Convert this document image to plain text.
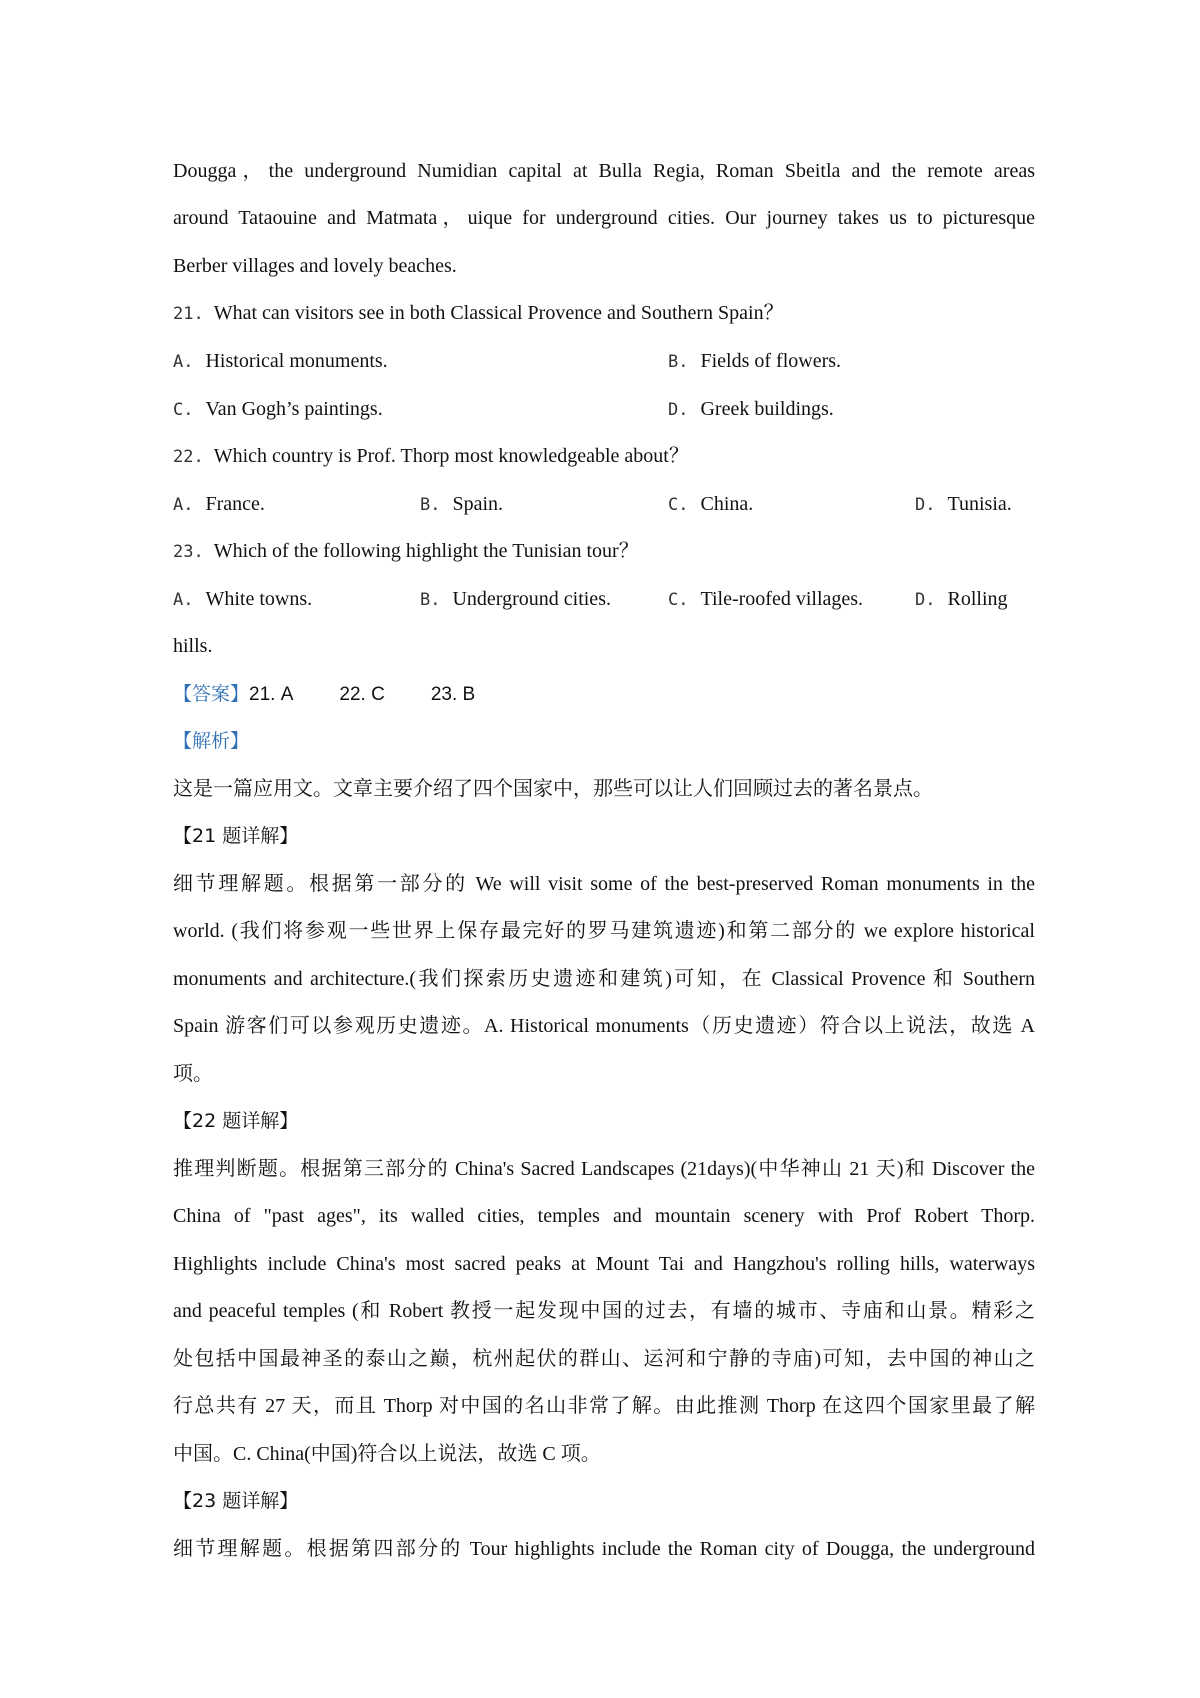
Dougga，the underground Numidian capital at Bulla Regia, Roman Sbeitla and the remote areas
around Tataouine and Matmata，uique for underground cities. Our journey takes us to picturesque
Berber villages and lovely beaches.
21. What can visitors see in both Classical Provence and Southern Spain？
A. Historical monuments.	B. Fields of flowers.
C. Van Gogh’s paintings.	D. Greek buildings.
22. Which country is Prof. Thorp most knowledgeable about？
A. France.	B. Spain.	C. China.	D. Tunisia.
23. Which of the following highlight the Tunisian tour？
A. White towns.	B. Underground cities.	C. Tile-roofed villages.	D. Rolling
hills.
【答案】21. A 22. C 23. B
【解析】
这是一篇应用文。文章主要介绍了四个国家中，那些可以让人们回顾过去的著名景点。
【21 题详解】
细节理解题。根据第一部分的 We will visit some of the best-preserved Roman monuments in the
world. (我们将参观一些世界上保存最完好的罗马建筑遗迹)和第二部分的 we explore historical
monuments and architecture.(我们探索历史遗迹和建筑)可知，在 Classical Provence 和 Southern
Spain 游客们可以参观历史遗迹。A. Historical monuments（历史遗迹）符合以上说法，故选 A
项。
【22 题详解】
推理判断题。根据第三部分的 China's Sacred Landscapes (21days)(中华神山 21 天)和 Discover the
China of "past ages", its walled cities, temples and mountain scenery with Prof Robert Thorp.
Highlights include China's most sacred peaks at Mount Tai and Hangzhou's rolling hills, waterways
and peaceful temples (和 Robert 教授一起发现中国的过去，有墙的城市、寺庙和山景。精彩之
处包括中国最神圣的泰山之巅，杭州起伏的群山、运河和宁静的寺庙)可知，去中国的神山之
行总共有 27 天，而且 Thorp 对中国的名山非常了解。由此推测 Thorp 在这四个国家里最了解
中国。C. China(中国)符合以上说法，故选 C 项。
【23 题详解】
细节理解题。根据第四部分的 Tour highlights include the Roman city of Dougga, the underground
